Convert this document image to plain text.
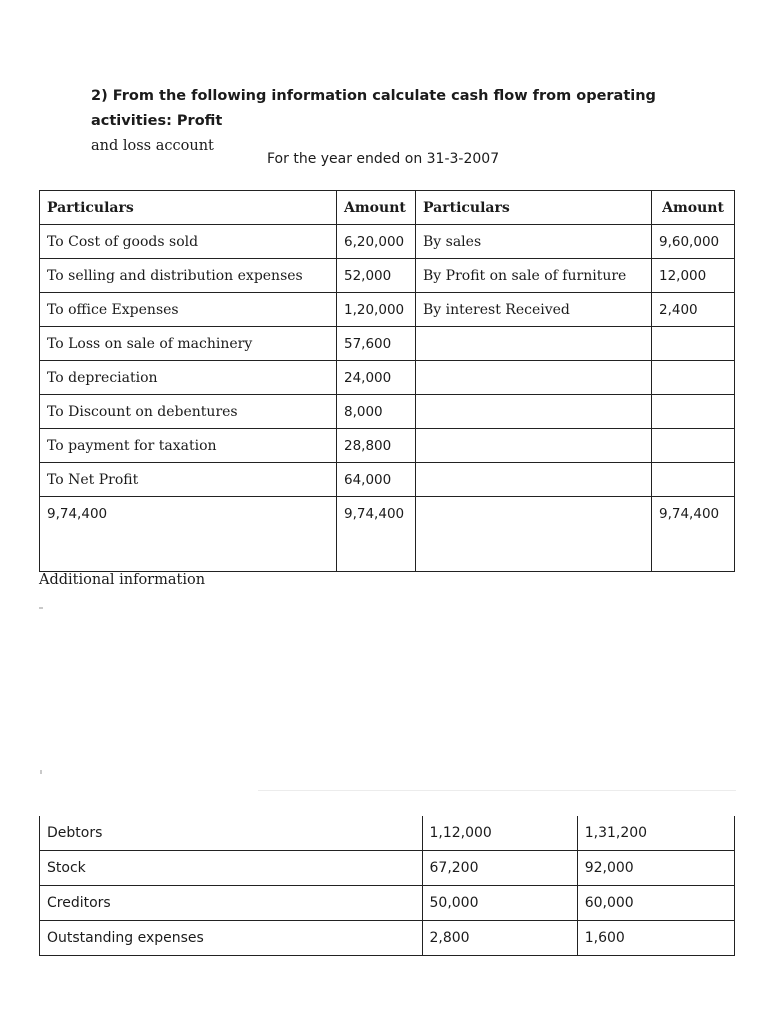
2) From the following information calculate cash flow from operating activities: Profit
and loss account
For the year ended on 31-3-2007
Particulars	Amount	Particulars	Amount
To Cost of goods sold	6,20,000	By sales	9,60,000
To selling and distribution expenses	52,000	By Profit on sale of furniture	12,000
To office Expenses	1,20,000	By interest Received	2,400
To Loss on sale of machinery	57,600		
To depreciation	24,000		
To Discount on debentures	8,000		
To payment for taxation	28,800		
To Net Profit	64,000		
9,74,400	9,74,400		9,74,400
Additional information
Debtors	1,12,000	1,31,200
Stock	67,200	92,000
Creditors	50,000	60,000
Outstanding expenses	2,800	1,600
